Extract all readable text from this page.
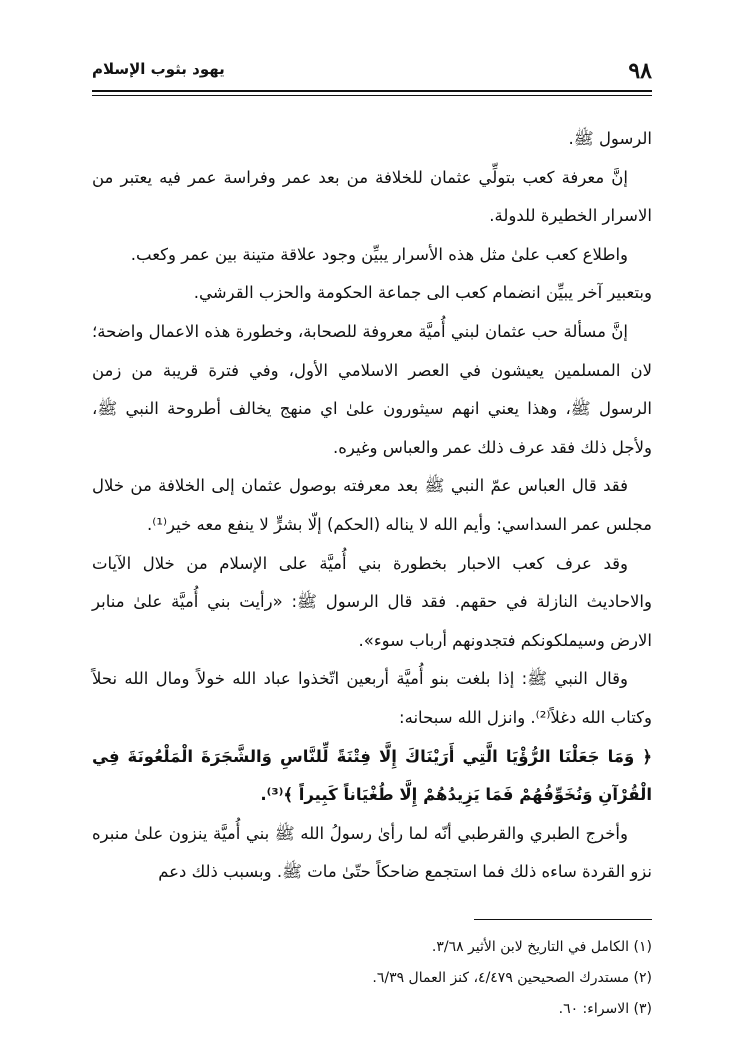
٩٨
يهود بثوب الإسلام

الرسول ﷺ.

إنَّ معرفة كعب بتولِّي عثمان للخلافة من بعد عمر وفراسة عمر فيه يعتبر من الاسرار الخطيرة للدولة.

واطلاع كعب علىٰ مثل هذه الأسرار يبيِّن وجود علاقة متينة بين عمر وكعب.

وبتعبير آخر يبيِّن انضمام كعب الى جماعة الحكومة والحزب القرشي.

إنَّ مسألة حب عثمان لبني أُميَّة معروفة للصحابة، وخطورة هذه الاعمال واضحة؛ لان المسلمين يعيشون في العصر الاسلامي الأول، وفي فترة قريبة من زمن الرسول ﷺ، وهذا يعني انهم سيثورون علىٰ اي منهج يخالف أطروحة النبي ﷺ، ولأجل ذلك فقد عرف ذلك عمر والعباس وغيره.

فقد قال العباس عمّ النبي ﷺ بعد معرفته بوصول عثمان إلى الخلافة من خلال مجلس عمر السداسي: وأيم الله لا يناله (الحكم) إلّا بشرٍّ لا ينفع معه خير⁽¹⁾.

وقد عرف كعب الاحبار بخطورة بني أُميَّة على الإسلام من خلال الآيات والاحاديث النازلة في حقهم. فقد قال الرسول ﷺ: «رأيت بني أُميَّة علىٰ منابر الارض وسيملكونكم فتجدونهم أرباب سوء».

وقال النبي ﷺ: إذا بلغت بنو أُميَّة أربعين اتّخذوا عباد الله خولاً ومال الله نحلاً وكتاب الله دغلاً⁽²⁾. وانزل الله سبحانه:

﴿ وَمَا جَعَلْنَا الرُّؤْيَا الَّتِي أَرَيْنَاكَ إِلَّا فِتْنَةً لِّلنَّاسِ وَالشَّجَرَةَ الْمَلْعُونَةَ فِي الْقُرْآنِ وَنُخَوِّفُهُمْ فَمَا يَزِيدُهُمْ إِلَّا طُغْيَاناً كَبِيراً ﴾⁽³⁾.

وأخرج الطبري والقرطبي أنّه لما رأىٰ رسولُ الله ﷺ بني أُميَّة ينزون علىٰ منبره نزو القردة ساءه ذلك فما استجمع ضاحكاً حتّىٰ مات ﷺ. وبسبب ذلك دعم

(١) الكامل في التاريخ لابن الأثير ٣/٦٨.
(٢) مستدرك الصحيحين ٤/٤٧٩، كنز العمال ٦/٣٩.
(٣) الاسراء: ٦٠.
